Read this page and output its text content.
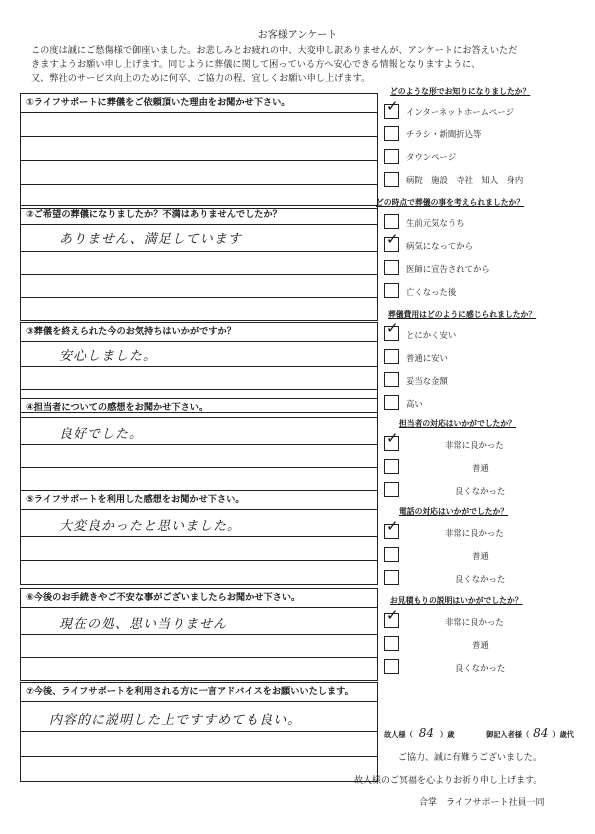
お客様アンケート
この度は誠にご愁傷様で御座いました。お悲しみとお疲れの中、大変申し訳ありませんが、アンケートにお答えいただ
きますようお願い申し上げます。同じように葬儀に関して困っている方へ安心できる情報となりますように、
又、弊社のサービス向上のために何卒、ご協力の程、宜しくお願い申し上げます。
①ライフサポートに葬儀をご依頼頂いた理由をお聞かせ下さい。
②ご希望の葬儀になりましたか？不満はありませんでしたか？
ありません、満足しています
③葬儀を終えられた今のお気持ちはいかがですか？
安心しました。
④担当者についての感想をお聞かせ下さい。
良好でした。
⑤ライフサポートを利用した感想をお聞かせ下さい。
大変良かったと思いました。
⑥今後のお手続きやご不安な事がございましたらお聞かせ下さい。
現在の処、思い当りません
⑦今後、ライフサポートを利用される方に一言アドバイスをお願いいたします。
内容的に説明した上ですすめても良い。
どのような形でお知りになりましたか？
✓ インターネットホームページ
チラシ・新聞折込等
タウンページ
病院　施設　寺社　知人　身内
どの時点で葬儀の事を考えられましたか？
生前元気なうち
✓ 病気になってから
医師に宣告されてから
亡くなった後
葬儀費用はどのように感じられましたか？
✓ とにかく安い
普通に安い
妥当な金額
高い
担当者の対応はいかがでしたか？
✓	非常に良かった
普通
良くなかった
電話の対応はいかがでしたか？
✓	非常に良かった
普通
良くなかった
お見積もりの説明はいかがでしたか？
✓	非常に良かった
普通
良くなかった
故人様（ 84 ）歳	御記入者様（ 84 ）歳代
ご協力、誠に有難うございました。
故人様のご冥福を心よりお祈り申し上げます。
合掌　ライフサポート社員一同
